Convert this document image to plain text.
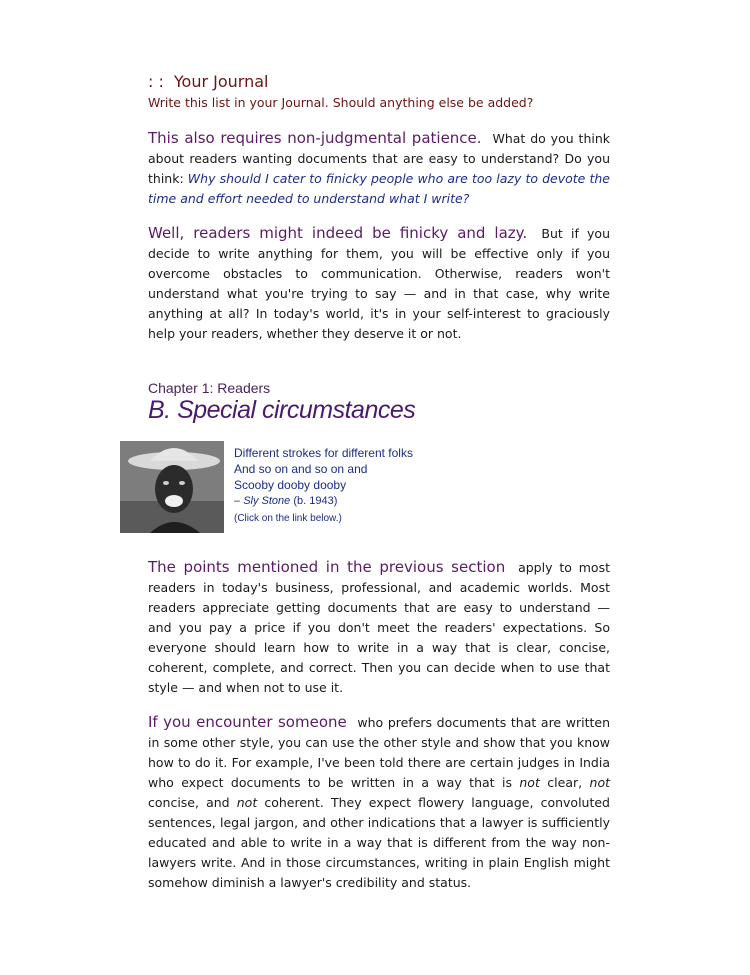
: : Your Journal
Write this list in your Journal. Should anything else be added?

This also requires non-judgmental patience. What do you think about readers wanting documents that are easy to understand? Do you think: Why should I cater to finicky people who are too lazy to devote the time and effort needed to understand what I write?

Well, readers might indeed be finicky and lazy. But if you decide to write anything for them, you will be effective only if you overcome obstacles to communication. Otherwise, readers won't understand what you're trying to say — and in that case, why write anything at all? In today's world, it's in your self-interest to graciously help your readers, whether they deserve it or not.

Chapter 1: Readers
B. Special circumstances
Different strokes for different folks
And so on and so on and
Scooby dooby dooby
– Sly Stone (b. 1943)
(Click on the link below.)

The points mentioned in the previous section apply to most readers in today's business, professional, and academic worlds. Most readers appreciate getting documents that are easy to understand — and you pay a price if you don't meet the readers' expectations. So everyone should learn how to write in a way that is clear, concise, coherent, complete, and correct. Then you can decide when to use that style — and when not to use it.

If you encounter someone who prefers documents that are written in some other style, you can use the other style and show that you know how to do it. For example, I've been told there are certain judges in India who expect documents to be written in a way that is not clear, not concise, and not coherent. They expect flowery language, convoluted sentences, legal jargon, and other indications that a lawyer is sufficiently educated and able to write in a way that is different from the way non-lawyers write. And in those circumstances, writing in plain English might somehow diminish a lawyer's credibility and status.
